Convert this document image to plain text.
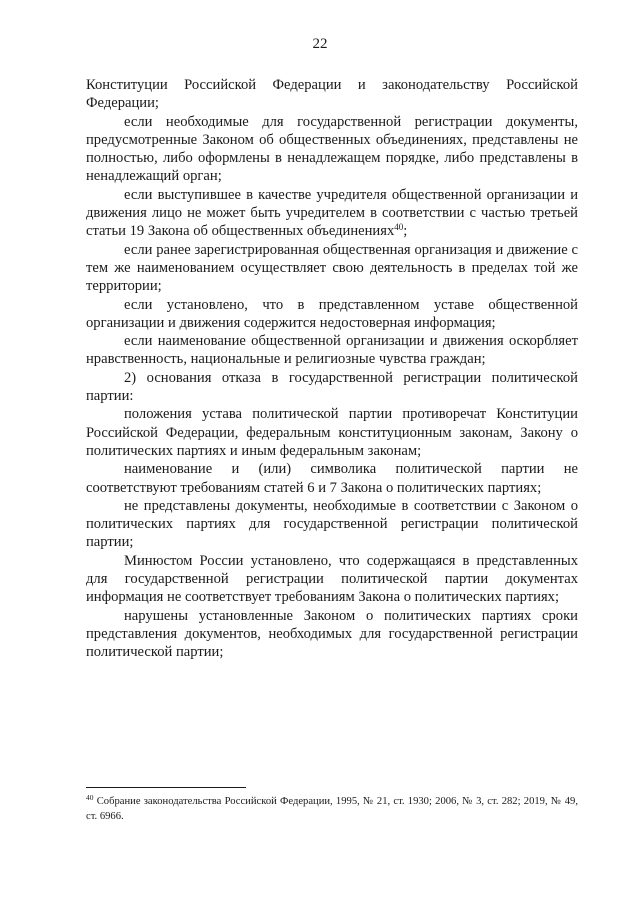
22

Конституции Российской Федерации и законодательству Российской Федерации;

если необходимые для государственной регистрации документы, предусмотренные Законом об общественных объединениях, представлены не полностью, либо оформлены в ненадлежащем порядке, либо представлены в ненадлежащий орган;

если выступившее в качестве учредителя общественной организации и движения лицо не может быть учредителем в соответствии с частью третьей статьи 19 Закона об общественных объединениях$^{40}$;

если ранее зарегистрированная общественная организация и движение с тем же наименованием осуществляет свою деятельность в пределах той же территории;

если установлено, что в представленном уставе общественной организации и движения содержится недостоверная информация;

если наименование общественной организации и движения оскорбляет нравственность, национальные и религиозные чувства граждан;

2) основания отказа в государственной регистрации политической партии:

положения устава политической партии противоречат Конституции Российской Федерации, федеральным конституционным законам, Закону о политических партиях и иным федеральным законам;

наименование и (или) символика политической партии не соответствуют требованиям статей 6 и 7 Закона о политических партиях;

не представлены документы, необходимые в соответствии с Законом о политических партиях для государственной регистрации политической партии;

Минюстом России установлено, что содержащаяся в представленных для государственной регистрации политической партии документах информация не соответствует требованиям Закона о политических партиях;

нарушены установленные Законом о политических партиях сроки представления документов, необходимых для государственной регистрации политической партии;

$^{40}$ Собрание законодательства Российской Федерации, 1995, № 21, ст. 1930; 2006, № 3, ст. 282; 2019, № 49, ст. 6966.
